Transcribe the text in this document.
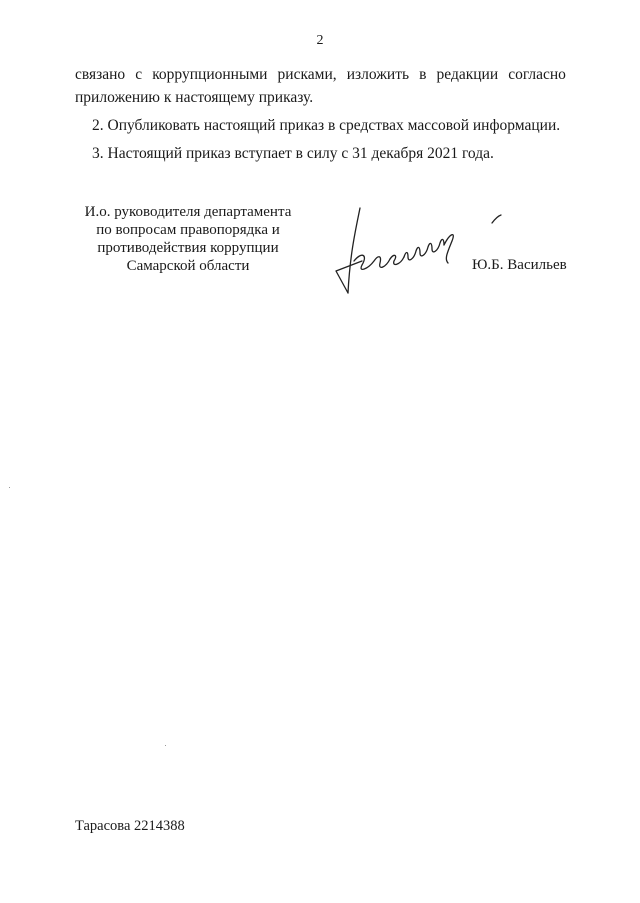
2
связано с коррупционными рисками, изложить в редакции согласно
приложению к настоящему приказу.
2. Опубликовать настоящий приказ в средствах массовой информации.
3. Настоящий приказ вступает в силу с 31 декабря 2021 года.
И.о. руководителя департамента
по вопросам правопорядка и
противодействия коррупции
Самарской области	Ю.Б. Васильев
Тарасова 2214388
